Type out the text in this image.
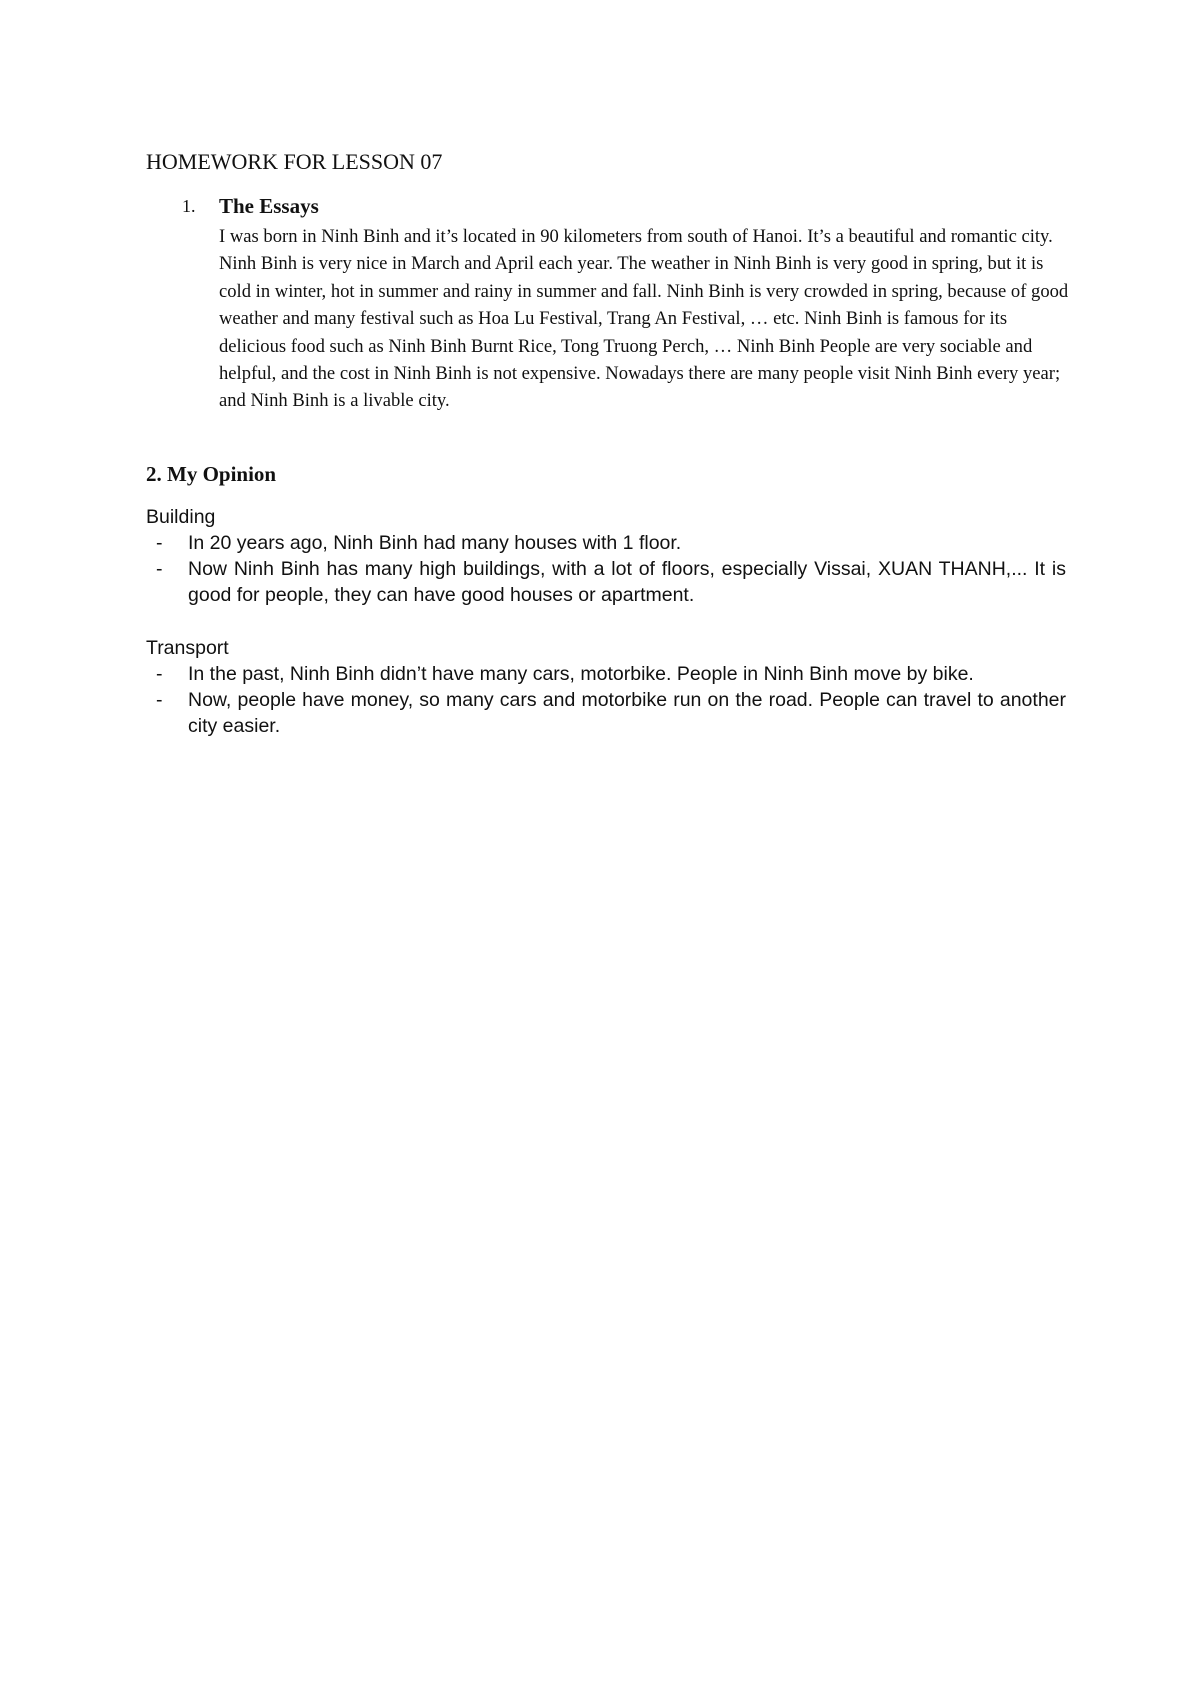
HOMEWORK FOR LESSON 07
1. The Essays

I was born in Ninh Binh and it’s located in 90 kilometers from south of Hanoi. It’s a beautiful and romantic city. Ninh Binh is very nice in March and April each year. The weather in Ninh Binh is very good in spring, but it is cold in winter, hot in summer and rainy in summer and fall. Ninh Binh is very crowded in spring, because of good weather and many festival such as Hoa Lu Festival, Trang An Festival, … etc. Ninh Binh is famous for its delicious food such as Ninh Binh Burnt Rice, Tong Truong Perch, … Ninh Binh People are very sociable and helpful, and the cost in Ninh Binh is not expensive. Nowadays there are many people visit Ninh Binh every year; and Ninh Binh is a livable city.

2. My Opinion

Building

- In 20 years ago, Ninh Binh had many houses with 1 floor.
- Now Ninh Binh has many high buildings, with a lot of floors, especially Vissai, XUAN THANH,... It is good for people, they can have good houses or apartment.

Transport

- In the past, Ninh Binh didn’t have many cars, motorbike. People in Ninh Binh move by bike.
- Now, people have money, so many cars and motorbike run on the road. People can travel to another city easier.
